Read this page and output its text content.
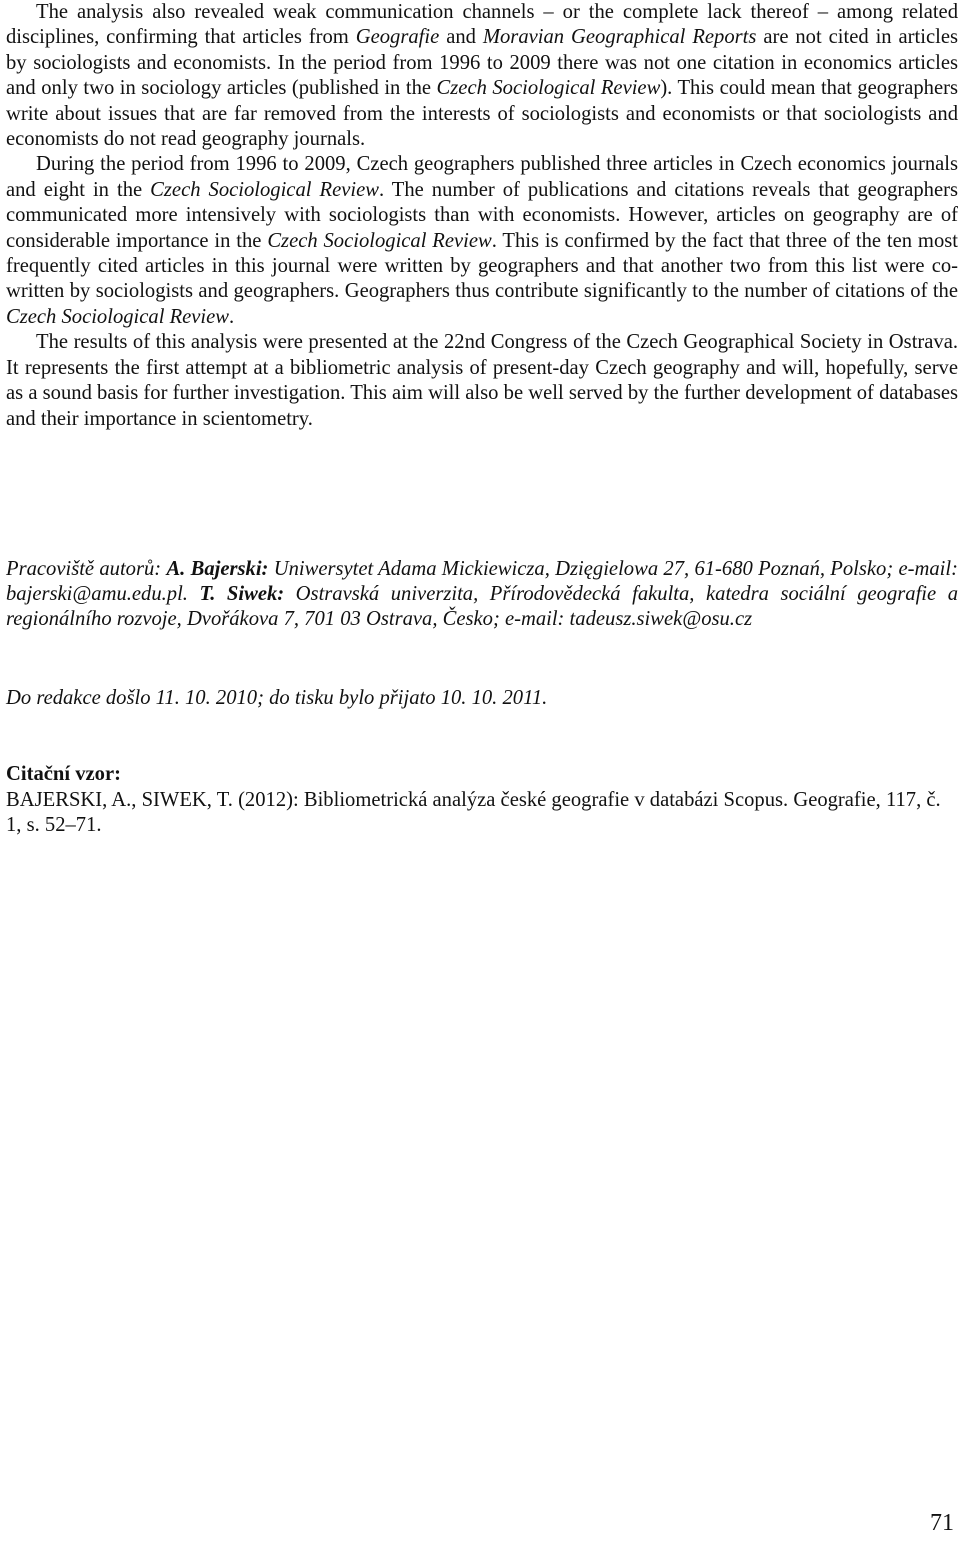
The analysis also revealed weak communication channels – or the complete lack thereof – among related disciplines, confirming that articles from Geografie and Moravian Geographical Reports are not cited in articles by sociologists and economists. In the period from 1996 to 2009 there was not one citation in economics articles and only two in sociology articles (published in the Czech Sociological Review). This could mean that geographers write about issues that are far removed from the interests of sociologists and economists or that sociologists and economists do not read geography journals.

During the period from 1996 to 2009, Czech geographers published three articles in Czech economics journals and eight in the Czech Sociological Review. The number of publications and citations reveals that geographers communicated more intensively with sociologists than with economists. However, articles on geography are of considerable importance in the Czech Sociological Review. This is confirmed by the fact that three of the ten most frequently cited articles in this journal were written by geographers and that another two from this list were co-written by sociologists and geographers. Geographers thus contribute significantly to the number of citations of the Czech Sociological Review.

The results of this analysis were presented at the 22nd Congress of the Czech Geographical Society in Ostrava. It represents the first attempt at a bibliometric analysis of present-day Czech geography and will, hopefully, serve as a sound basis for further investigation. This aim will also be well served by the further development of databases and their importance in scientometry.

Pracoviště autorů: A. Bajerski: Uniwersytet Adama Mickiewicza, Dzięgielowa 27, 61-680 Poznań, Polsko; e-mail: bajerski@amu.edu.pl. T. Siwek: Ostravská univerzita, Přírodovědecká fakulta, katedra sociální geografie a regionálního rozvoje, Dvořákova 7, 701 03 Ostrava, Česko; e-mail: tadeusz.siwek@osu.cz

Do redakce došlo 11. 10. 2010; do tisku bylo přijato 10. 10. 2011.

Citační vzor:

BAJERSKI, A., SIWEK, T. (2012): Bibliometrická analýza české geografie v databázi Scopus. Geografie, 117, č. 1, s. 52–71.

71
